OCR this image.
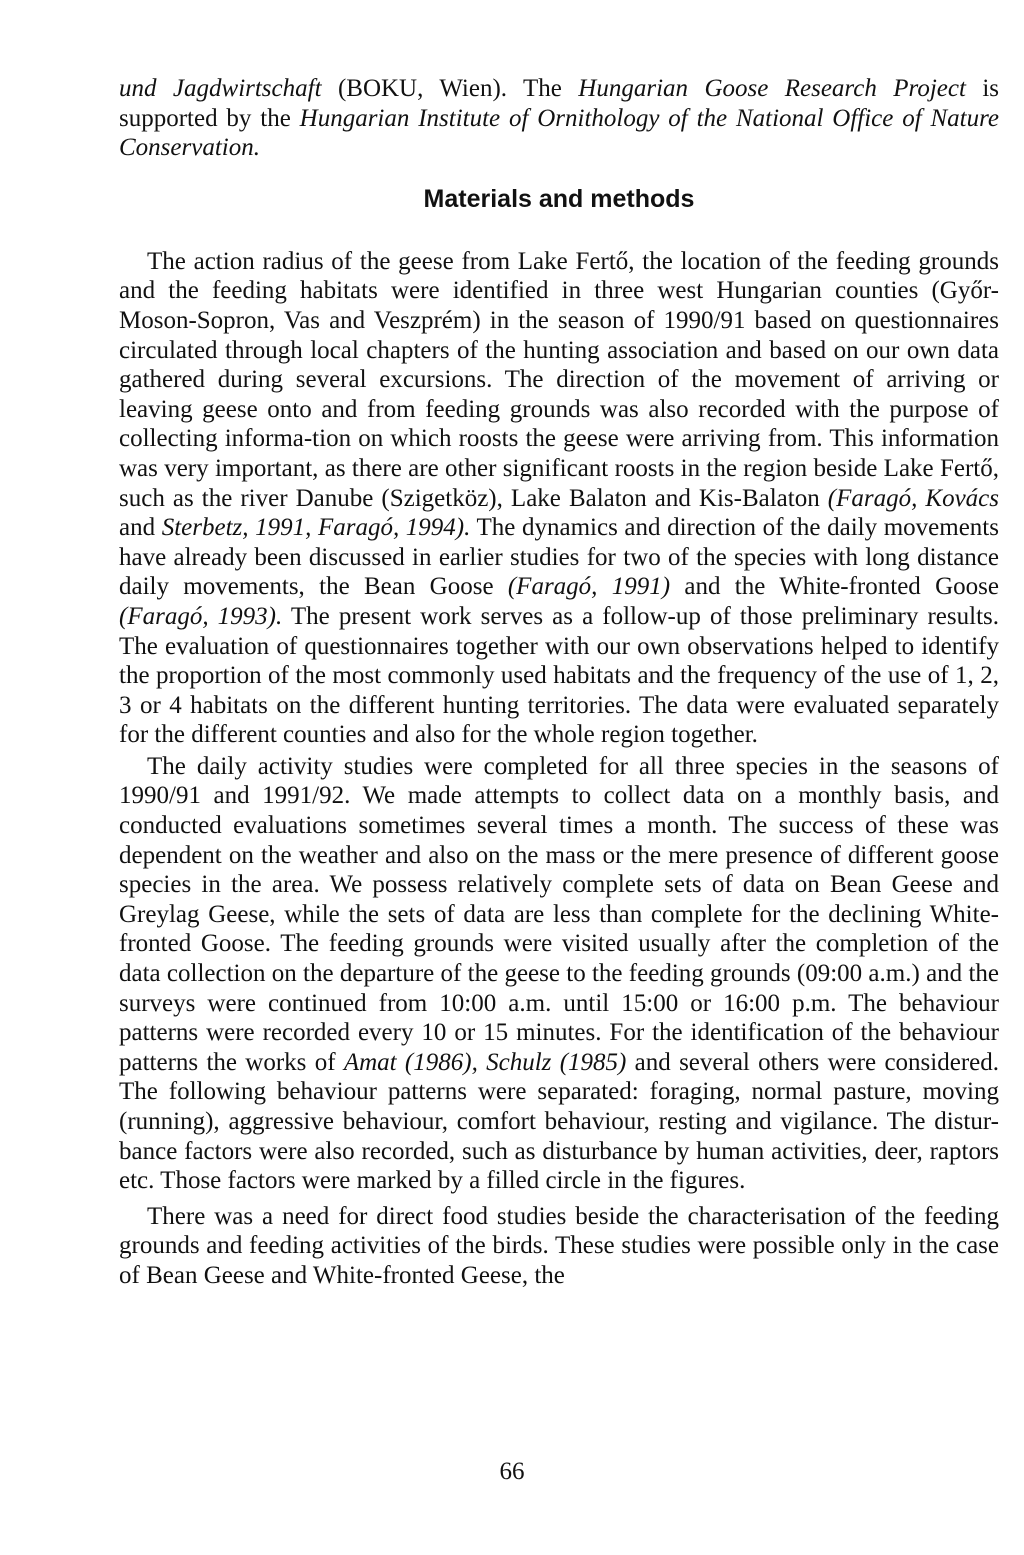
und Jagdwirtschaft (BOKU, Wien). The Hungarian Goose Research Project is supported by the Hungarian Institute of Ornithology of the National Office of Nature Conservation.

Materials and methods

The action radius of the geese from Lake Fertő, the location of the feeding grounds and the feeding habitats were identified in three west Hungarian counties (Győr-Moson-Sopron, Vas and Veszprém) in the season of 1990/91 based on questionnaires circulated through local chapters of the hunting association and based on our own data gathered during several excursions. The direction of the movement of arriving or leaving geese onto and from feeding grounds was also recorded with the purpose of collecting informa-tion on which roosts the geese were arriving from. This information was very important, as there are other significant roosts in the region beside Lake Fertő, such as the river Danube (Szigetköz), Lake Balaton and Kis-Balaton (Faragó, Kovács and Sterbetz, 1991, Faragó, 1994). The dynamics and direction of the daily movements have already been discussed in earlier studies for two of the species with long distance daily movements, the Bean Goose (Faragó, 1991) and the White-fronted Goose (Faragó, 1993). The present work serves as a follow-up of those preliminary results. The evaluation of questionnaires together with our own observations helped to identify the proportion of the most commonly used habitats and the frequency of the use of 1, 2, 3 or 4 habitats on the different hunting territories. The data were evaluated separately for the different counties and also for the whole region together.

The daily activity studies were completed for all three species in the seasons of 1990/91 and 1991/92. We made attempts to collect data on a monthly basis, and conducted evaluations sometimes several times a month. The success of these was dependent on the weather and also on the mass or the mere presence of different goose species in the area. We possess relatively complete sets of data on Bean Geese and Greylag Geese, while the sets of data are less than complete for the declining White-fronted Goose. The feeding grounds were visited usually after the completion of the data collection on the departure of the geese to the feeding grounds (09:00 a.m.) and the surveys were continued from 10:00 a.m. until 15:00 or 16:00 p.m. The behaviour patterns were recorded every 10 or 15 minutes. For the identification of the behaviour patterns the works of Amat (1986), Schulz (1985) and several others were considered. The following behaviour patterns were separated: foraging, normal pasture, moving (running), aggressive behaviour, comfort behaviour, resting and vigilance. The distur-bance factors were also recorded, such as disturbance by human activities, deer, raptors etc. Those factors were marked by a filled circle in the figures.

There was a need for direct food studies beside the characterisation of the feeding grounds and feeding activities of the birds. These studies were possible only in the case of Bean Geese and White-fronted Geese, the

66
